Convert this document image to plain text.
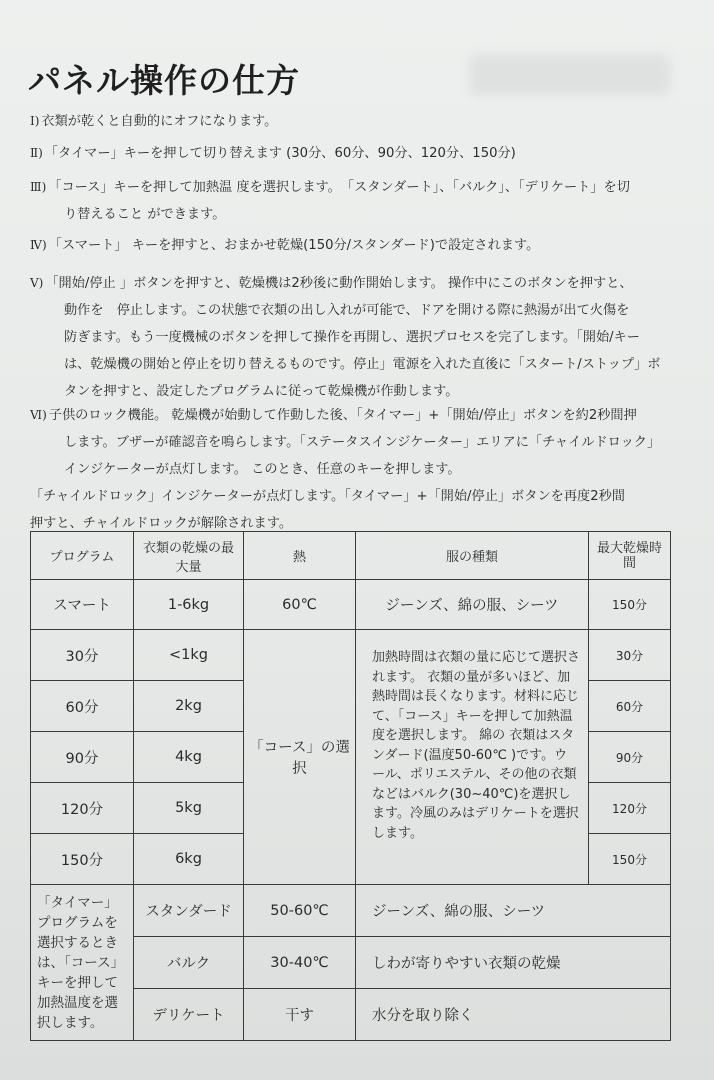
パネル操作の仕方
Ⅰ) 衣類が乾くと自動的にオフになります。
Ⅱ) 「タイマー」キーを押して切り替えます (30分、60分、90分、120分、150分)
Ⅲ) 「コース」キーを押して加熱温 度を選択します。　「スタンダート」、「バルク」、「デリケート」を切
り替えること ができます。
Ⅳ) 「スマート」 キーを押すと、おまかせ乾燥(150分/スタンダード)で設定されます。
Ⅴ) 「開始/停止 」ボタンを押すと、乾燥機は2秒後に動作開始します。 操作中にこのボタンを押すと、
動作を　停止します。この状態で衣類の出し入れが可能で、ドアを開ける際に熱湯が出て火傷を
防ぎます。もう一度機械のボタンを押して操作を再開し、選択プロセスを完了します。「開始/キー
は、乾燥機の開始と停止を切り替えるものです。停止」電源を入れた直後に「スタート/ストップ」ボ
タンを押すと、設定したプログラムに従って乾燥機が作動します。
Ⅵ) 子供のロック機能。 乾燥機が始動して作動した後、「タイマー」+「開始/停止」ボタンを約2秒間押
します。ブザーが確認音を鳴らします。「ステータスインジケーター」エリアに「チャイルドロック」
インジケーターが点灯します。 このとき、任意のキーを押します。
「チャイルドロック」インジケーターが点灯します。「タイマー」+「開始/停止」ボタンを再度2秒間
押すと、チャイルドロックが解除されます。
プログラム	衣類の乾燥の最大量	熱	服の種類	最大乾燥時間
スマート	1-6kg	60℃	ジーンズ、綿の服、シーツ	150分
30分	<1kg	「コース」の選択	加熱時間は衣類の量に応じて選択されます。 衣類の量が多いほど、加熱時間は長くなります。材料に応じて、「コース」キーを押して加熱温度を選択します。 綿の 衣類はスタンダード(温度50-60℃ )です。ウール、ポリエステル、その他の衣類 などはバルク(30~40℃)を選択します。冷風のみはデリケートを選択します。	30分
60分	2kg			60分
90分	4kg			90分
120分	5kg			120分
150分	6kg			150分
「タイマー」プログラムを選択するときは、「コース」キーを押して加熱温度を選択します。	スタンダード	50-60℃	ジーンズ、綿の服、シーツ	
	バルク	30-40℃	しわが寄りやすい衣類の乾燥	
	デリケート	干す	水分を取り除く	
